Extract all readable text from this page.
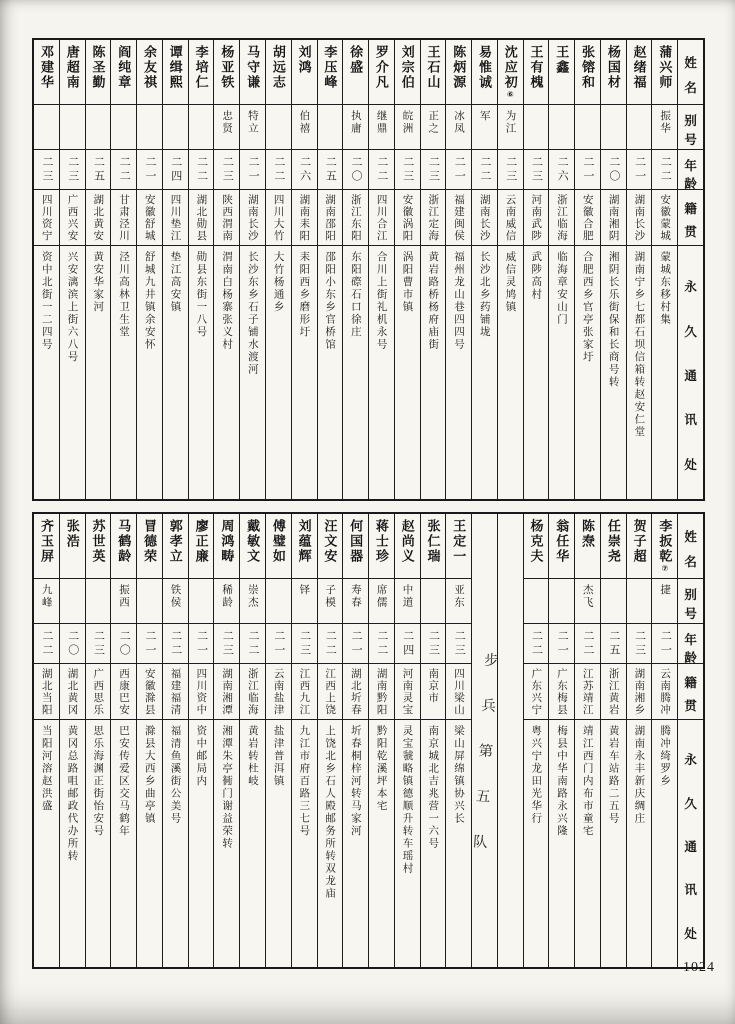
姓
名
别
号
年
龄
籍
贯
永
久
通
讯
处
蒲兴师
振华
二二
安徽蒙城
蒙城东移村集
赵绪福
二一
湖南长沙
湖南宁乡七都石坝信箱转赵安仁堂
杨国材
二〇
湖南湘阴
湘阴长乐街保和长商号转
张镕和
二一
安徽合肥
合肥西乡官亭张家圩
王鑫
二六
浙江临海
临海章安山门
王有槐
二三
河南武陟
武陟高村
沈应初⑥
为江
二三
云南威信
威信灵鸠镇
易惟诚
军
二二
湖南长沙
长沙北乡药铺垅
陈炳源
冰凤
二一
福建闽侯
福州龙山巷四四号
王石山
正之
二三
浙江定海
黄岩路桥杨府庙街
刘宗伯
皖洲
二三
安徽涡阳
涡阳曹市镇
罗介凡
继鼎
二二
四川合江
合川上街礼机永号
徐盛
执庸
二〇
浙江东阳
东阳磜石口徐庄
李压峰
二五
湖南邵阳
邵阳小东乡官桥馆
刘鸿
伯禧
二六
湖南耒阳
耒阳西乡磨形圩
胡远志
二二
四川大竹
大竹杨通乡
马守谦
特立
二一
湖南长沙
长沙东乡石子铺水渡河
杨亚铁
忠贤
二三
陕西渭南
渭南白杨寨张义村
李培仁
二二
湖北勋县
勋县东街一八号
谭缉熙
二四
四川垫江
垫江高安镇
余友祺
二一
安徽舒城
舒城九井镇余安怀
阎纯章
二二
甘肃泾川
泾川高林卫生堂
陈圣勤
二五
湖北黄安
黄安华家河
唐超南
二三
广西兴安
兴安漓滨上街六八号
邓建华
二三
四川资宁
资中北街一二四号
姓
名
别
号
年
龄
籍
贯
永
久
通
讯
处
李扳乾⑦
捷
二一
云南腾冲
腾冲绮罗乡
贺子超
二三
湖南湘乡
湖南永丰新庆绸庄
任崇尧
二五
浙江黄岩
黄岩车站路二五号
陈焘
杰飞
二二
江苏靖江
靖江西门内布市童宅
翁任华
二一
广东梅县
梅县中华南路永兴隆
杨克夫
二二
广东兴宁
粤兴宁龙田光华行
步兵第五队
王定一
亚东
二三
四川梁山
梁山屏绵镇协兴长
张仁瑞
二三
南京市
南京城北吉兆营一六号
赵尚义
中道
二四
河南灵宝
灵宝虢略镇德顺升转车瑶村
蒋士珍
席儒
二二
湖南黔阳
黔阳乾溪坪本宅
何国器
寿春
二一
湖北圻春
圻春桐梓河转马家河
汪文安
子模
二二
江西上饶
上饶北乡石人殿邮务所转双龙庙
刘蕴辉
铎
二三
江西九江
九江市府百路三七号
傅璧如
二一
云南盐津
盐津普洱镇
戴敏文
崇杰
二二
浙江临海
黄岩转杜岐
周鸿畴
稀龄
二三
湖南湘潭
湘潭朱亭衕门谢益荣转
廖正廉
二一
四川资中
资中邮局内
郭孝立
铁侯
二二
福建福清
福清鱼溪街公美号
冒德荣
二一
安徽滁县
滁县大西乡曲亭镇
马鹤龄
振西
二〇
西康巴安
巴安传爱区交马鹤年
苏世英
二三
广西思乐
思乐海渊正街怡安号
张浩
二〇
湖北黄冈
黄冈总路咀邮政代办所转
齐玉屏
九峰
二二
湖北当阳
当阳河溶赵洪盛
1024
